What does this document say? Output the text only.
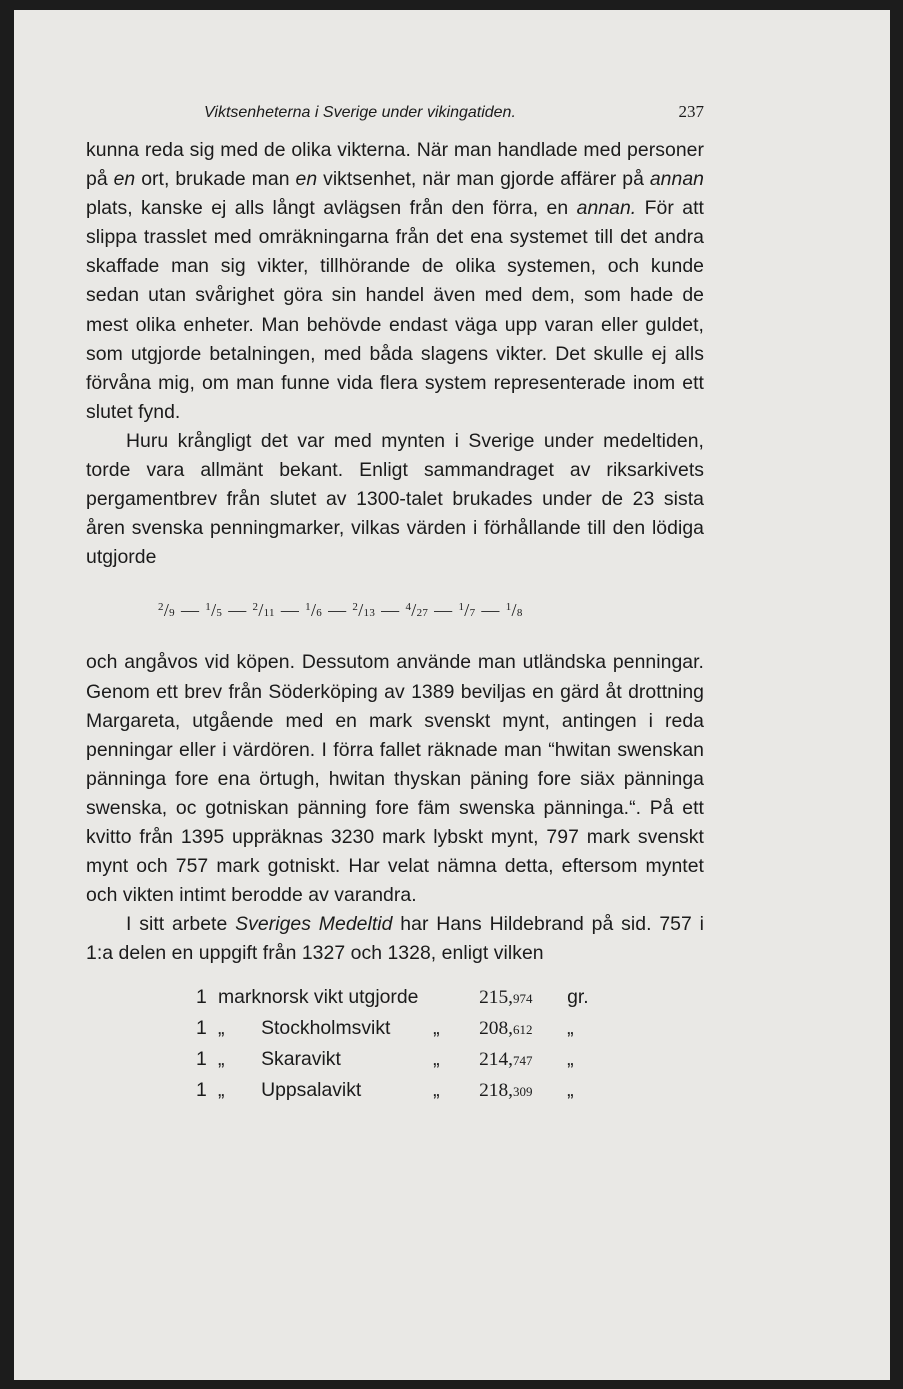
Viktsenheterna i Sverige under vikingatiden.	237

kunna reda sig med de olika vikterna. När man handlade med personer på en ort, brukade man en viktsenhet, när man gjorde affärer på annan plats, kanske ej alls långt avlägsen från den förra, en annan. För att slippa trasslet med omräkningarna från det ena systemet till det andra skaffade man sig vikter, tillhörande de olika systemen, och kunde sedan utan svårighet göra sin handel även med dem, som hade de mest olika enheter. Man behövde endast väga upp varan eller guldet, som utgjorde betalningen, med båda slagens vikter. Det skulle ej alls förvåna mig, om man funne vida flera system representerade inom ett slutet fynd.

Huru krångligt det var med mynten i Sverige under medeltiden, torde vara allmänt bekant. Enligt sammandraget av riksarkivets pergamentbrev från slutet av 1300-talet brukades under de 23 sista åren svenska penningmarker, vilkas värden i förhållande till den lödiga utgjorde

$^2$/9 — $^1$/5 — $^2$/11 — $^1$/6 — $^2$/13 — $^4$/27 — $^1$/7 — $^1$/8

och angåvos vid köpen. Dessutom använde man utländska penningar. Genom ett brev från Söderköping av 1389 beviljas en gärd åt drottning Margareta, utgående med en mark svenskt mynt, antingen i reda penningar eller i värdören. I förra fallet räknade man “hwitan swenskan pänninga fore ena örtugh, hwitan thyskan päning fore siäx pänninga swenska, oc gotniskan pänning fore fäm swenska pänninga.“. På ett kvitto från 1395 uppräknas 3230 mark lybskt mynt, 797 mark svenskt mynt och 757 mark gotniskt. Har velat nämna detta, eftersom myntet och vikten intimt berodde av varandra.

I sitt arbete Sveriges Medeltid har Hans Hildebrand på sid. 757 i 1:a delen en uppgift från 1327 och 1328, enligt vilken

1	mark	norsk vikt utgjorde		215,974	gr.
1	„	Stockholmsvikt	„	208,612	„
1	„	Skaravikt	„	214,747	„
1	„	Uppsalavikt	„	218,309	„
